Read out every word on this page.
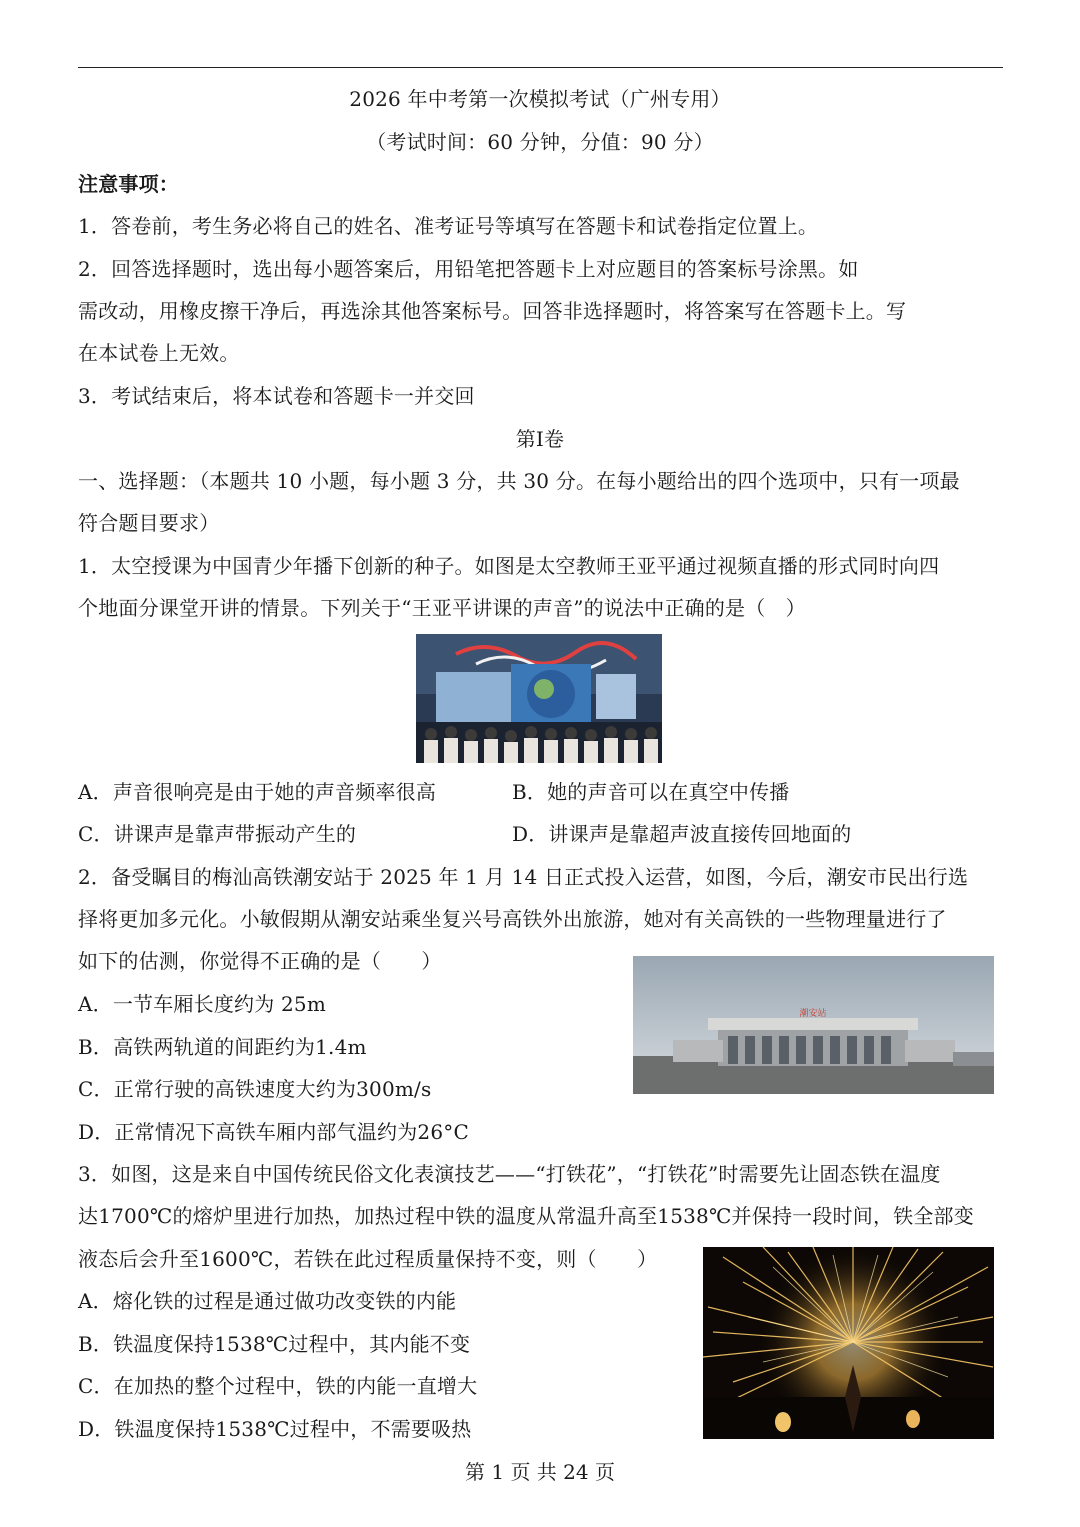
2026 年中考第一次模拟考试（广州专用）
（考试时间：60 分钟，分值：90 分）
注意事项：
1．答卷前，考生务必将自己的姓名、准考证号等填写在答题卡和试卷指定位置上。
2．回答选择题时，选出每小题答案后，用铅笔把答题卡上对应题目的答案标号涂黑。如
需改动，用橡皮擦干净后，再选涂其他答案标号。回答非选择题时，将答案写在答题卡上。写
在本试卷上无效。
3．考试结束后，将本试卷和答题卡一并交回
第I卷
一、选择题：（本题共 10 小题，每小题 3 分，共 30 分。在每小题给出的四个选项中，只有一项最
符合题目要求）
1．太空授课为中国青少年播下创新的种子。如图是太空教师王亚平通过视频直播的形式同时向四
个地面分课堂开讲的情景。下列关于“王亚平讲课的声音”的说法中正确的是（　）
A．声音很响亮是由于她的声音频率很高	B．她的声音可以在真空中传播
C．讲课声是靠声带振动产生的	D．讲课声是靠超声波直接传回地面的
2．备受瞩目的梅汕高铁潮安站于 2025 年 1 月 14 日正式投入运营，如图，今后，潮安市民出行选
择将更加多元化。小敏假期从潮安站乘坐复兴号高铁外出旅游，她对有关高铁的一些物理量进行了
如下的估测，你觉得不正确的是（　　）
潮安站
A．一节车厢长度约为 25m
B．高铁两轨道的间距约为1.4m
C．正常行驶的高铁速度大约为300m/s
D．正常情况下高铁车厢内部气温约为26°C
3．如图，这是来自中国传统民俗文化表演技艺——“打铁花”，“打铁花”时需要先让固态铁在温度
达1700℃的熔炉里进行加热，加热过程中铁的温度从常温升高至1538℃并保持一段时间，铁全部变
液态后会升至1600℃，若铁在此过程质量保持不变，则（　　）
A．熔化铁的过程是通过做功改变铁的内能
B．铁温度保持1538℃过程中，其内能不变
C．在加热的整个过程中，铁的内能一直增大
D．铁温度保持1538℃过程中，不需要吸热
第 1 页 共 24 页
